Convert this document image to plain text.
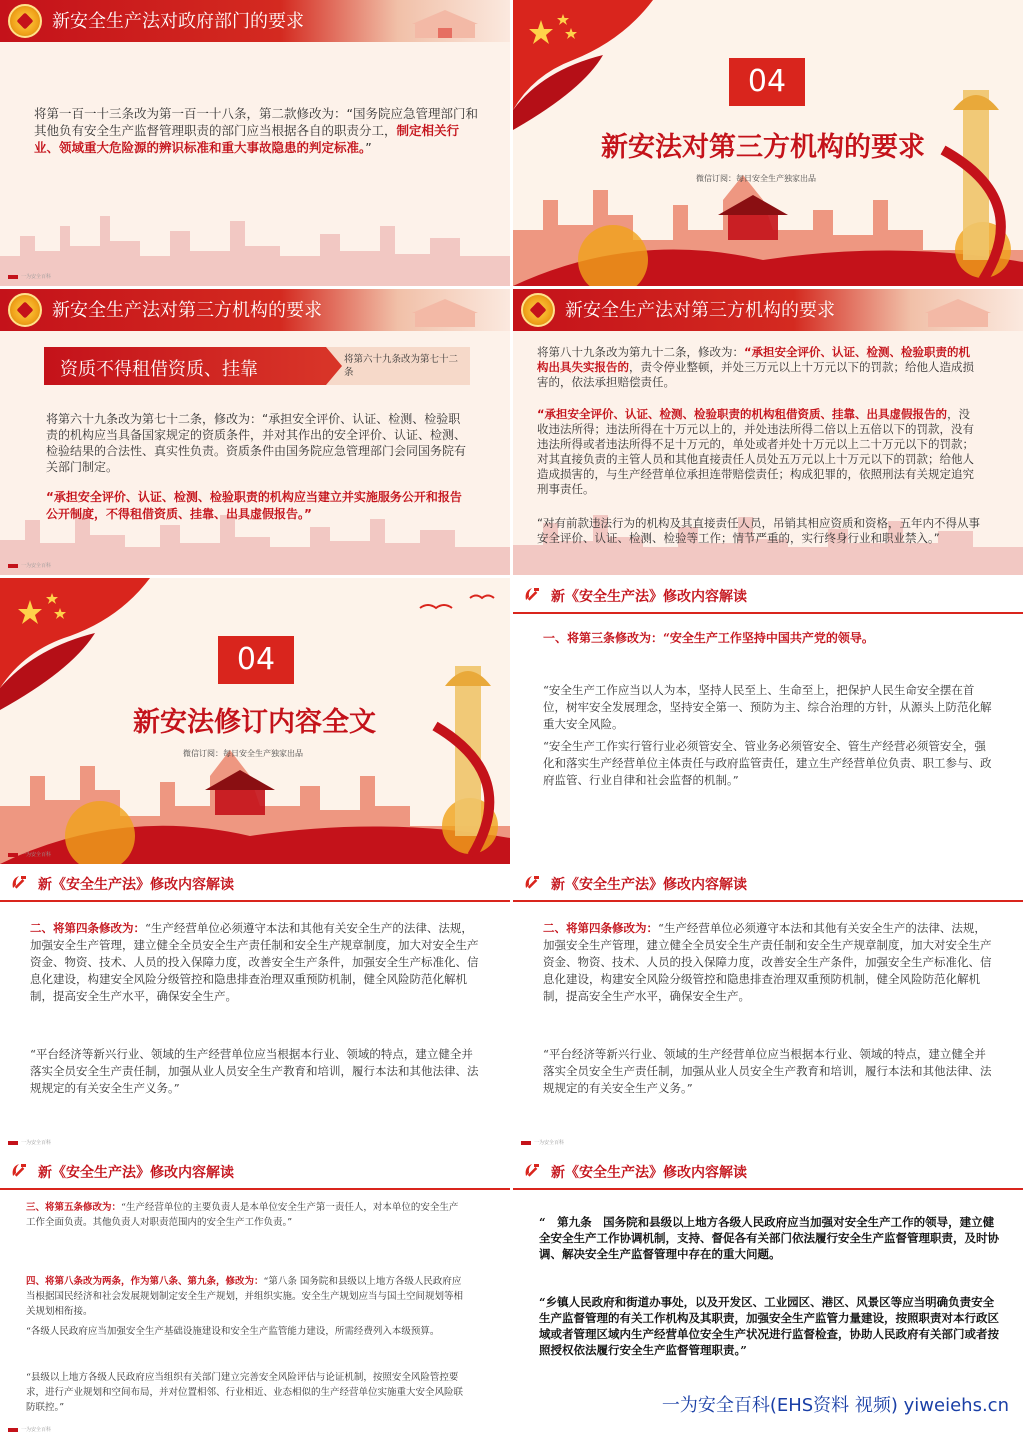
新安全生产法对政府部门的要求
将第一百一十三条改为第一百一十八条，第二款修改为：“国务院应急管理部门和其他负有安全生产监督管理职责的部门应当根据各自的职责分工，制定相关行业、领域重大危险源的辨识标准和重大事故隐患的判定标准。”
一为安全百科
04
新安法对第三方机构的要求
微信订阅：每日安全生产独家出品
新安全生产法对第三方机构的要求
资质不得租借资质、挂靠	将第六十九条改为第七十二条
将第六十九条改为第七十二条，修改为：“承担安全评价、认证、检测、检验职责的机构应当具备国家规定的资质条件，并对其作出的安全评价、认证、检测、检验结果的合法性、真实性负责。资质条件由国务院应急管理部门会同国务院有关部门制定。
“承担安全评价、认证、检测、检验职责的机构应当建立并实施服务公开和报告公开制度，不得租借资质、挂靠、出具虚假报告。”
一为安全百科
新安全生产法对第三方机构的要求
将第八十九条改为第九十二条，修改为：“承担安全评价、认证、检测、检验职责的机构出具失实报告的，责令停业整顿，并处三万元以上十万元以下的罚款；给他人造成损害的，依法承担赔偿责任。
“承担安全评价、认证、检测、检验职责的机构租借资质、挂靠、出具虚假报告的，没收违法所得；违法所得在十万元以上的，并处违法所得二倍以上五倍以下的罚款，没有违法所得或者违法所得不足十万元的，单处或者并处十万元以上二十万元以下的罚款；对其直接负责的主管人员和其他直接责任人员处五万元以上十万元以下的罚款；给他人造成损害的，与生产经营单位承担连带赔偿责任；构成犯罪的，依照刑法有关规定追究刑事责任。
“对有前款违法行为的机构及其直接责任人员，吊销其相应资质和资格，五年内不得从事安全评价、认证、检测、检验等工作；情节严重的，实行终身行业和职业禁入。”
04
新安法修订内容全文
微信订阅：每日安全生产独家出品
一为安全百科
新《安全生产法》修改内容解读
一、将第三条修改为：“安全生产工作坚持中国共产党的领导。
“安全生产工作应当以人为本，坚持人民至上、生命至上，把保护人民生命安全摆在首位，树牢安全发展理念，坚持安全第一、预防为主、综合治理的方针，从源头上防范化解重大安全风险。
“安全生产工作实行管行业必须管安全、管业务必须管安全、管生产经营必须管安全，强化和落实生产经营单位主体责任与政府监管责任，建立生产经营单位负责、职工参与、政府监管、行业自律和社会监督的机制。”
新《安全生产法》修改内容解读
二、将第四条修改为：“生产经营单位必须遵守本法和其他有关安全生产的法律、法规，加强安全生产管理，建立健全全员安全生产责任制和安全生产规章制度，加大对安全生产资金、物资、技术、人员的投入保障力度，改善安全生产条件，加强安全生产标准化、信息化建设，构建安全风险分级管控和隐患排查治理双重预防机制，健全风险防范化解机制，提高安全生产水平，确保安全生产。
“平台经济等新兴行业、领域的生产经营单位应当根据本行业、领域的特点，建立健全并落实全员安全生产责任制，加强从业人员安全生产教育和培训，履行本法和其他法律、法规规定的有关安全生产义务。”
一为安全百科
新《安全生产法》修改内容解读
二、将第四条修改为：“生产经营单位必须遵守本法和其他有关安全生产的法律、法规，加强安全生产管理，建立健全全员安全生产责任制和安全生产规章制度，加大对安全生产资金、物资、技术、人员的投入保障力度，改善安全生产条件，加强安全生产标准化、信息化建设，构建安全风险分级管控和隐患排查治理双重预防机制，健全风险防范化解机制，提高安全生产水平，确保安全生产。
“平台经济等新兴行业、领域的生产经营单位应当根据本行业、领域的特点，建立健全并落实全员安全生产责任制，加强从业人员安全生产教育和培训，履行本法和其他法律、法规规定的有关安全生产义务。”
一为安全百科
新《安全生产法》修改内容解读
三、将第五条修改为：“生产经营单位的主要负责人是本单位安全生产第一责任人，对本单位的安全生产工作全面负责。其他负责人对职责范围内的安全生产工作负责。”
四、将第八条改为两条，作为第八条、第九条，修改为：“第八条 国务院和县级以上地方各级人民政府应当根据国民经济和社会发展规划制定安全生产规划，并组织实施。安全生产规划应当与国土空间规划等相关规划相衔接。
“各级人民政府应当加强安全生产基础设施建设和安全生产监管能力建设，所需经费列入本级预算。
“县级以上地方各级人民政府应当组织有关部门建立完善安全风险评估与论证机制，按照安全风险管控要求，进行产业规划和空间布局，并对位置相邻、行业相近、业态相似的生产经营单位实施重大安全风险联防联控。”
一为安全百科
新《安全生产法》修改内容解读
“　第九条　国务院和县级以上地方各级人民政府应当加强对安全生产工作的领导，建立健全安全生产工作协调机制，支持、督促各有关部门依法履行安全生产监督管理职责，及时协调、解决安全生产监督管理中存在的重大问题。
“乡镇人民政府和街道办事处，以及开发区、工业园区、港区、风景区等应当明确负责安全生产监督管理的有关工作机构及其职责，加强安全生产监管力量建设，按照职责对本行政区域或者管理区域内生产经营单位安全生产状况进行监督检查，协助人民政府有关部门或者按照授权依法履行安全生产监督管理职责。”
一为安全百科(EHS资料 视频) yiweiehs.cn
